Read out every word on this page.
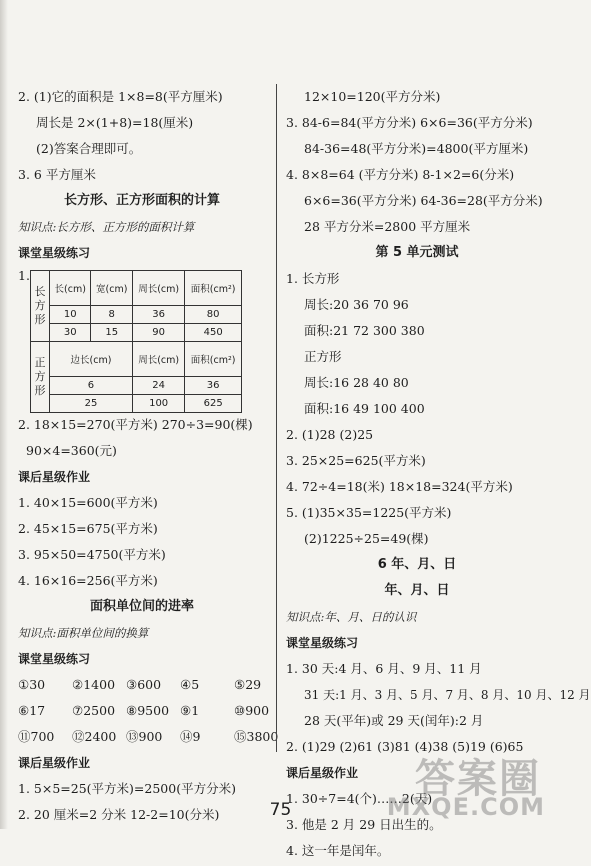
2. (1)它的面积是 1×8=8(平方厘米)
周长是 2×(1+8)=18(厘米)
(2)答案合理即可。
3. 6 平方厘米
长方形、正方形面积的计算
知识点:长方形、正方形的面积计算
课堂星级练习
1.
长方形	长(cm)	宽(cm)	周长(cm)	面积(cm²)
	10	8	36	80
	30	15	90	450
正方形	边长(cm)		周长(cm)	面积(cm²)
	6		24	36
	25		100	625
2. 18×15=270(平方米) 270÷3=90(棵)
90×4=360(元)
课后星级作业
1. 40×15=600(平方米)
2. 45×15=675(平方米)
3. 95×50=4750(平方米)
4. 16×16=256(平方米)
面积单位间的进率
知识点:面积单位间的换算
课堂星级练习
①30 ②1400 ③600 ④5	⑤29
⑥17 ⑦2500 ⑧9500 ⑨1	⑩900
⑪700 ⑫2400 ⑬900 ⑭9	⑮3800
课后星级作业
1. 5×5=25(平方米)=2500(平方分米)
2. 20 厘米=2 分米 12-2=10(分米)
12×10=120(平方分米)
3. 84-6=84(平方分米) 6×6=36(平方分米)
84-36=48(平方分米)=4800(平方厘米)
4. 8×8=64 (平方分米) 8-1×2=6(分米)
6×6=36(平方分米) 64-36=28(平方分米)
28 平方分米=2800 平方厘米
第 5 单元测试
1. 长方形
周长:20 36 70 96
面积:21 72 300 380
正方形
周长:16 28 40 80
面积:16 49 100 400
2. (1)28 (2)25
3. 25×25=625(平方米)
4. 72÷4=18(米) 18×18=324(平方米)
5. (1)35×35=1225(平方米)
(2)1225÷25=49(棵)
6 年、月、日
年、月、日
知识点:年、月、日的认识
课堂星级练习
1. 30 天:4 月、6 月、9 月、11 月
31 天:1 月、3 月、5 月、7 月、8 月、10 月、12 月
28 天(平年)或 29 天(闰年):2 月
2. (1)29 (2)61 (3)81 (4)38 (5)19 (6)65
课后星级作业
1. 30÷7=4(个)……2(天)
3. 他是 2 月 29 日出生的。
4. 这一年是闰年。
75
答案圈
MXQE.COM
